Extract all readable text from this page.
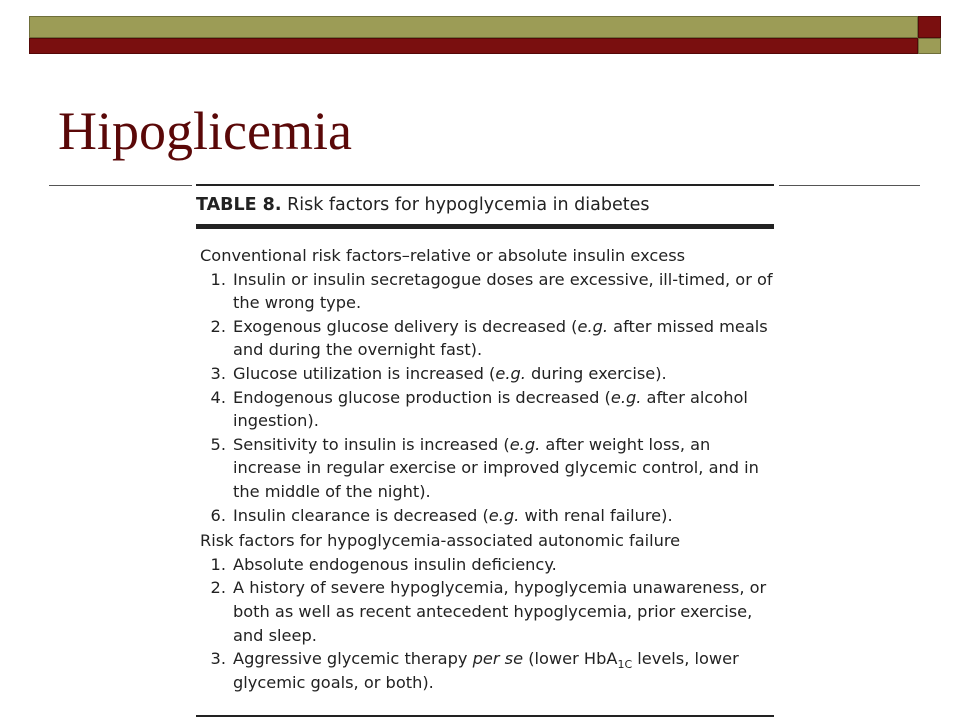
Hipoglicemia
TABLE 8. Risk factors for hypoglycemia in diabetes

Conventional risk factors–relative or absolute insulin excess

1. Insulin or insulin secretagogue doses are excessive, ill-timed, or of
the wrong type.
2. Exogenous glucose delivery is decreased (e.g. after missed meals
and during the overnight fast).
3. Glucose utilization is increased (e.g. during exercise).
4. Endogenous glucose production is decreased (e.g. after alcohol
ingestion).
5. Sensitivity to insulin is increased (e.g. after weight loss, an
increase in regular exercise or improved glycemic control, and in
the middle of the night).
6. Insulin clearance is decreased (e.g. with renal failure).

Risk factors for hypoglycemia-associated autonomic failure

1. Absolute endogenous insulin deficiency.
2. A history of severe hypoglycemia, hypoglycemia unawareness, or
both as well as recent antecedent hypoglycemia, prior exercise,
and sleep.
3. Aggressive glycemic therapy per se (lower HbA$_{1C}$ levels, lower
glycemic goals, or both).
